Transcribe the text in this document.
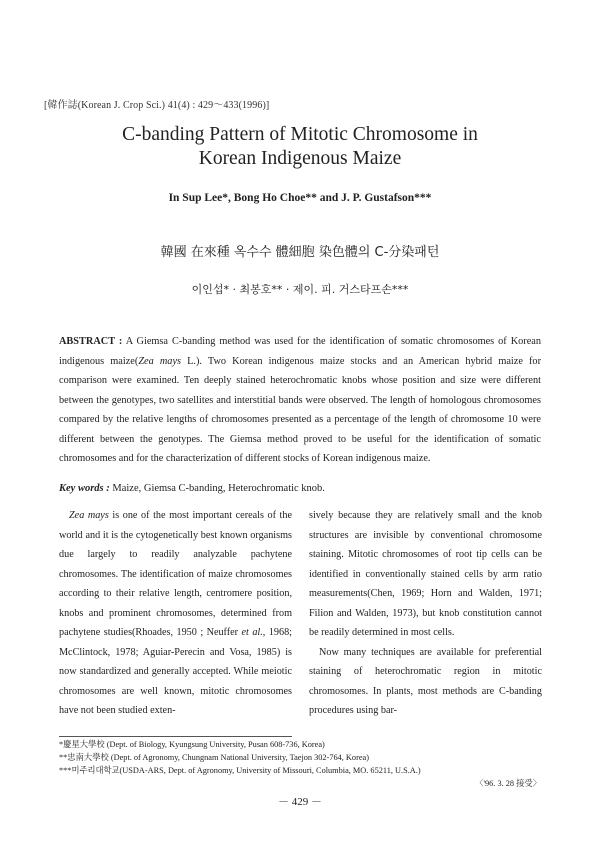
[韓作誌(Korean J. Crop Sci.) 41(4) : 429～433(1996)]
C-banding Pattern of Mitotic Chromosome in
Korean Indigenous Maize
In Sup Lee*, Bong Ho Choe** and J. P. Gustafson***
韓國 在來種 옥수수 體細胞 染色體의 C-分染패턴
이인섭* · 최봉호** · 제이. 피. 거스타프손***

ABSTRACT : A Giemsa C-banding method was used for the identification of somatic chromosomes of Korean indigenous maize(Zea mays L.). Two Korean indigenous maize stocks and an American hybrid maize for comparison were examined. Ten deeply stained heterochromatic knobs whose position and size were different between the genotypes, two satellites and interstitial bands were observed. The length of homologous chromosomes compared by the relative lengths of chromosomes presented as a percentage of the length of chromosome 10 were different between the genotypes. The Giemsa method proved to be useful for the identification of somatic chromosomes and for the characterization of different stocks of Korean indigenous maize.

Key words : Maize, Giemsa C-banding, Heterochromatic knob.

Zea mays is one of the most important cereals of the world and it is the cytogenetically best known organisms due largely to readily analyzable pachytene chromosomes. The identification of maize chromosomes according to their relative length, centromere position, knobs and prominent chromosomes, determined from pachytene studies(Rhoades, 1950 ; Neuffer et al., 1968; McClintock, 1978; Aguiar-Perecin and Vosa, 1985) is now standardized and generally accepted. While meiotic chromosomes are well known, mitotic chromosomes have not been studied exten-

sively because they are relatively small and the knob structures are invisible by conventional chromosome staining. Mitotic chromosomes of root tip cells can be identified in conventionally stained cells by arm ratio measurements(Chen, 1969; Horn and Walden, 1971; Filion and Walden, 1973), but knob constitution cannot be readily determined in most cells.
Now many techniques are available for preferential staining of heterochromatic region in mitotic chromosomes. In plants, most methods are C-banding procedures using bar-
*慶星大學校 (Dept. of Biology, Kyungsung University, Pusan 608-736, Korea)
**忠南大學校 (Dept. of Agronomy, Chungnam National University, Taejon 302-764, Korea)
***미주리대학교(USDA-ARS, Dept. of Agronomy, University of Missouri, Columbia, MO. 65211, U.S.A.)
〈'96. 3. 28 接受〉
－ 429 －
